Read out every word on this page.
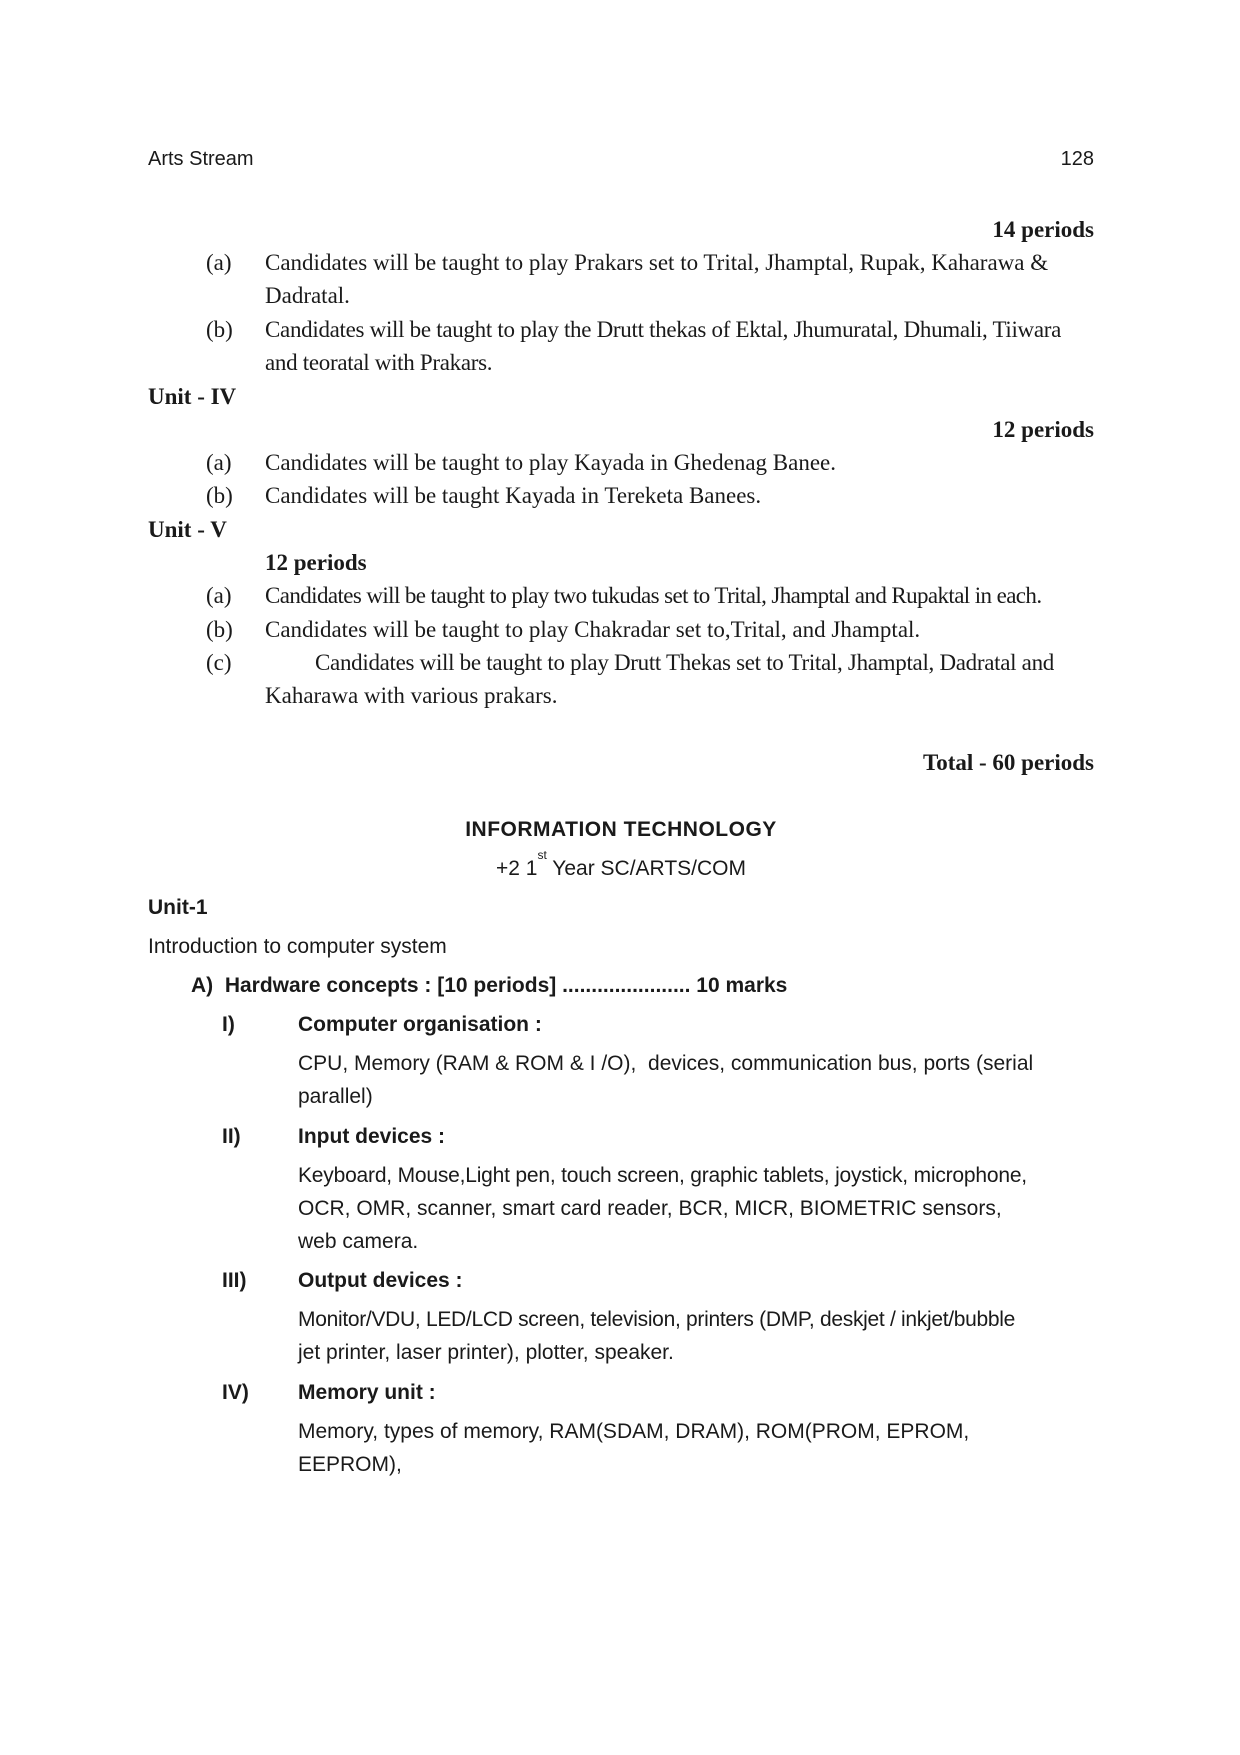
Arts Stream	128
14 periods
(a) Candidates will be taught to play Prakars set to Trital, Jhamptal, Rupak, Kaharawa &
Dadratal.
(b) Candidates will be taught to play the Drutt thekas of Ektal, Jhumuratal, Dhumali, Tiiwara
and teoratal with Prakars.
Unit - IV
12 periods
(a) Candidates will be taught to play Kayada in Ghedenag Banee.
(b) Candidates will be taught Kayada in Tereketa Banees.
Unit - V
12 periods
(a) Candidates will be taught to play two tukudas set to Trital, Jhamptal and Rupaktal in each.
(b) Candidates will be taught to play Chakradar set to,Trital, and Jhamptal.
(c)	Candidates will be taught to play Drutt Thekas set to Trital, Jhamptal, Dadratal and
Kaharawa with various prakars.
Total - 60 periods
INFORMATION TECHNOLOGY
+2 1st Year SC/ARTS/COM
Unit-1
Introduction to computer system
A)  Hardware concepts : [10 periods] ...................... 10 marks
I)	Computer organisation :
CPU, Memory (RAM & ROM & I /O),  devices, communication bus, ports (serial
parallel)
II)	Input devices :
Keyboard, Mouse,Light pen, touch screen, graphic tablets, joystick, microphone,
OCR, OMR, scanner, smart card reader, BCR, MICR, BIOMETRIC sensors,
web camera.
III) Output devices :
Monitor/VDU, LED/LCD screen, television, printers (DMP, deskjet / inkjet/bubble
jet printer, laser printer), plotter, speaker.
IV) Memory unit :
Memory, types of memory, RAM(SDAM, DRAM), ROM(PROM, EPROM,
EEPROM),
